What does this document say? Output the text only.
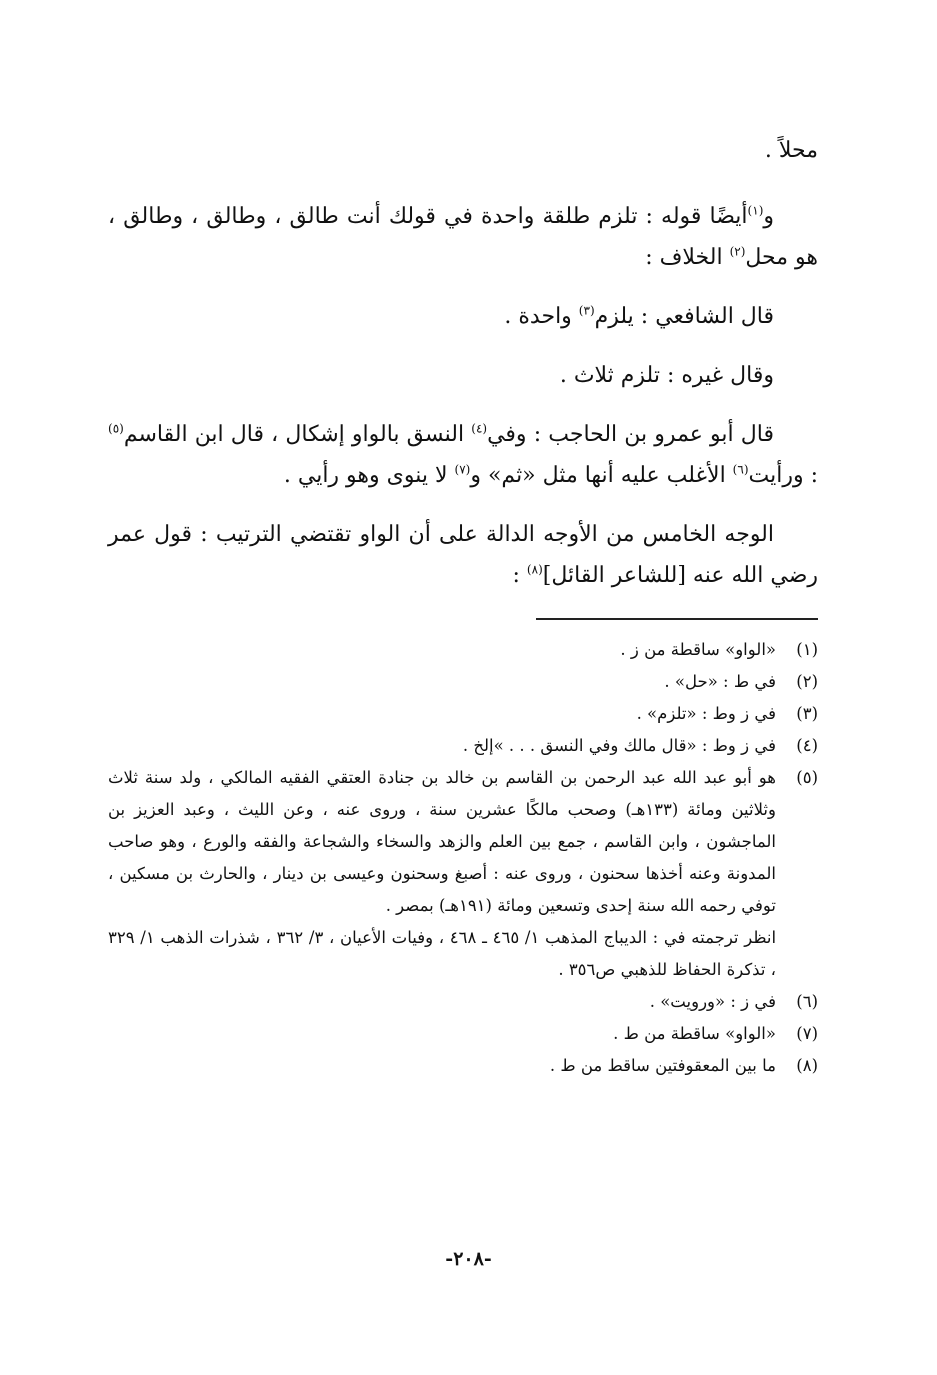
محلاً .

و$^{(١)}$أيضًا قوله : تلزم طلقة واحدة في قولك أنت طالق ، وطالق ، وطالق ، هو محل$^{(٢)}$ الخلاف :

قال الشافعي : يلزم$^{(٣)}$ واحدة .

وقال غيره : تلزم ثلاث .

قال أبو عمرو بن الحاجب : وفي$^{(٤)}$ النسق بالواو إشكال ، قال ابن القاسم$^{(٥)}$ : ورأيت$^{(٦)}$ الأغلب عليه أنها مثل «ثم» و$^{(٧)}$ لا ينوى وهو رأيي .

الوجه الخامس من الأوجه الدالة على أن الواو تقتضي الترتيب : قول عمر رضي الله عنه [للشاعر القائل]$^{(٨)}$ :

(١)
«الواو» ساقطة من ز .
(٢)
في ط : «حل» .
(٣)
في ز وط : «تلزم» .
(٤)
في ز وط : «قال مالك وفي النسق . . . »إلخ .
(٥)
هو أبو عبد الله عبد الرحمن بن القاسم بن خالد بن جنادة العتقي الفقيه المالكي ، ولد سنة ثلاث وثلاثين ومائة (١٣٣هـ) وصحب مالكًا عشرين سنة ، وروى عنه ، وعن الليث ، وعبد العزيز بن الماجشون ، وابن القاسم ، جمع بين العلم والزهد والسخاء والشجاعة والفقه والورع ، وهو صاحب المدونة وعنه أخذها سحنون ، وروى عنه : أصبغ وسحنون وعيسى بن دينار ، والحارث بن مسكين ، توفي رحمه الله سنة إحدى وتسعين ومائة (١٩١هـ) بمصر .
انظر ترجمته في : الديباج المذهب ١/ ٤٦٥ ـ ٤٦٨ ، وفيات الأعيان ، ٣/ ٣٦٢ ، شذرات الذهب ١/ ٣٢٩ ، تذكرة الحفاظ للذهبي ص٣٥٦ .
(٦)
في ز : «ورويت» .
(٧)
«الواو» ساقطة من ط .
(٨)
ما بين المعقوفتين ساقط من ط .
-٢٠٨-
